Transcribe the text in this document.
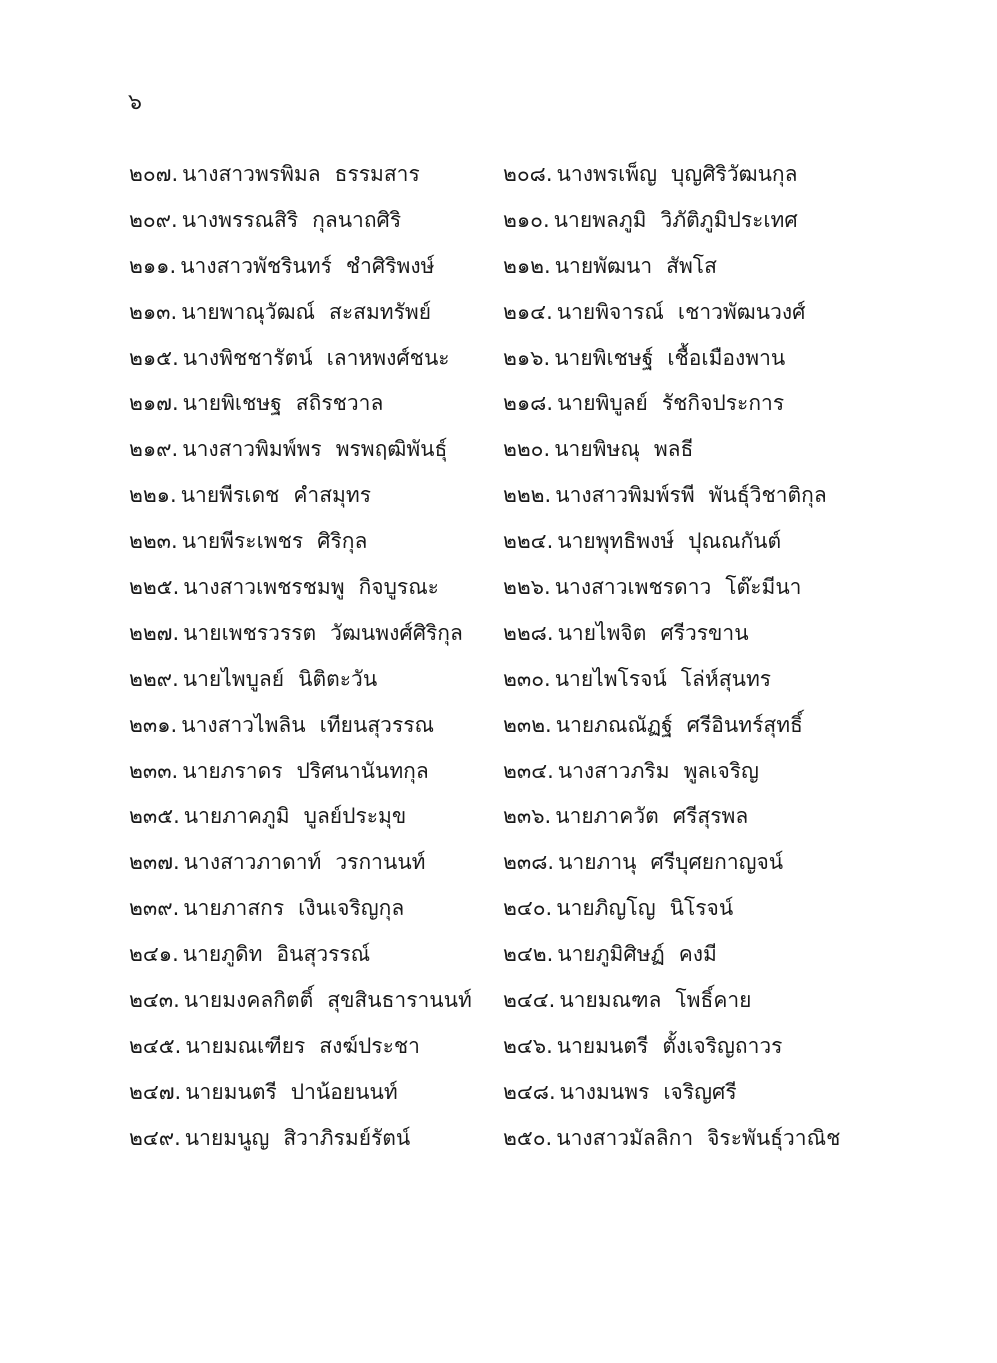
๖
๒๐๗. นางสาวพรพิมล ธรรมสาร	๒๐๘. นางพรเพ็ญ บุญศิริวัฒนกุล
๒๐๙. นางพรรณสิริ กุลนาถศิริ	๒๑๐. นายพลภูมิ วิภัติภูมิประเทศ
๒๑๑. นางสาวพัชรินทร์ ชำศิริพงษ์	๒๑๒. นายพัฒนา สัพโส
๒๑๓. นายพาณุวัฒณ์ สะสมทรัพย์	๒๑๔. นายพิจารณ์ เชาวพัฒนวงศ์
๒๑๕. นางพิชชารัตน์ เลาหพงศ์ชนะ	๒๑๖. นายพิเชษฐ์ เชื้อเมืองพาน
๒๑๗. นายพิเชษฐ สถิรชวาล	๒๑๘. นายพิบูลย์ รัชกิจประการ
๒๑๙. นางสาวพิมพ์พร พรพฤฒิพันธุ์	๒๒๐. นายพิษณุ พลธี
๒๒๑. นายพีรเดช คำสมุทร	๒๒๒. นางสาวพิมพ์รพี พันธุ์วิชาติกุล
๒๒๓. นายพีระเพชร ศิริกุล	๒๒๔. นายพุทธิพงษ์ ปุณณกันต์
๒๒๕. นางสาวเพชรชมพู กิจบูรณะ	๒๒๖. นางสาวเพชรดาว โต๊ะมีนา
๒๒๗. นายเพชรวรรต วัฒนพงศ์ศิริกุล	๒๒๘. นายไพจิต ศรีวรขาน
๒๒๙. นายไพบูลย์ นิติตะวัน	๒๓๐. นายไพโรจน์ โล่ห์สุนทร
๒๓๑. นางสาวไพลิน เทียนสุวรรณ	๒๓๒. นายภณณัฏฐ์ ศรีอินทร์สุทธิ์
๒๓๓. นายภราดร ปริศนานันทกุล	๒๓๔. นางสาวภริม พูลเจริญ
๒๓๕. นายภาคภูมิ บูลย์ประมุข	๒๓๖. นายภาควัต ศรีสุรพล
๒๓๗. นางสาวภาดาท์ วรกานนท์	๒๓๘. นายภานุ ศรีบุศยกาญจน์
๒๓๙. นายภาสกร เงินเจริญกุล	๒๔๐. นายภิญโญ นิโรจน์
๒๔๑. นายภูดิท อินสุวรรณ์	๒๔๒. นายภูมิศิษฏ์ คงมี
๒๔๓. นายมงคลกิตติ์ สุขสินธารานนท์	๒๔๔. นายมณฑล โพธิ์คาย
๒๔๕. นายมณเฑียร สงฆ์ประชา	๒๔๖. นายมนตรี ตั้งเจริญถาวร
๒๔๗. นายมนตรี ปาน้อยนนท์	๒๔๘. นางมนพร เจริญศรี
๒๔๙. นายมนูญ สิวาภิรมย์รัตน์	๒๕๐. นางสาวมัลลิกา จิระพันธุ์วาณิช
